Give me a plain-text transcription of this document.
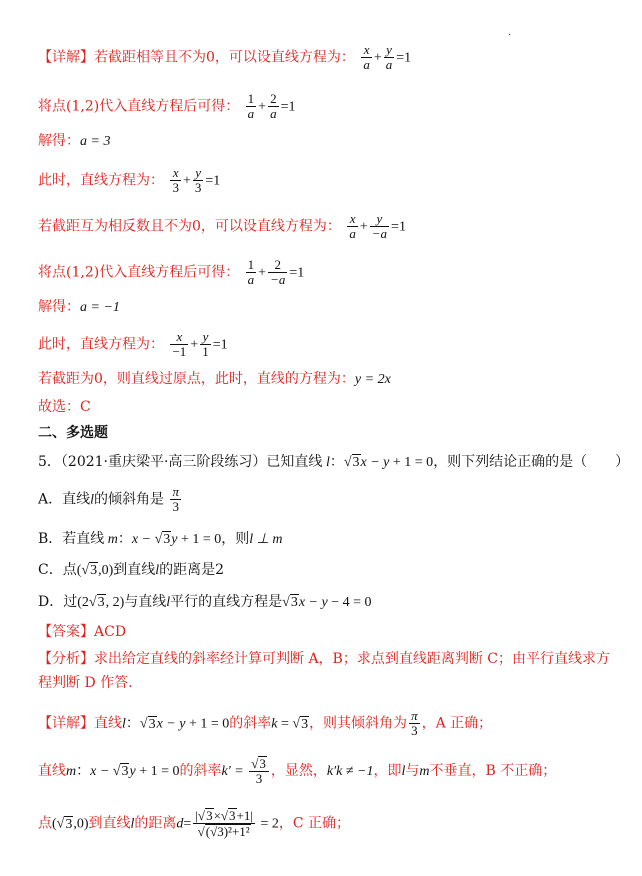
·
【详解】若截距相等且不为0，可以设直线方程为： $\frac{x}{a} + \frac{y}{a} =1$
将点(1,2)代入直线方程后可得： $\frac{1}{a} + \frac{2}{a} =1$
解得：a = 3
此时，直线方程为： $\frac{x}{3} + \frac{y}{3} =1$
若截距互为相反数且不为0，可以设直线方程为： $\frac{x}{a} + \frac{y}{-a} =1$
将点(1,2)代入直线方程后可得： $\frac{1}{a} + \frac{2}{-a} =1$
解得：a = −1
此时，直线方程为： $\frac{x}{-1} + \frac{y}{1} =1$
若截距为0，则直线过原点，此时，直线的方程为：y = 2x
故选：C
二、多选题
5．（2021·重庆梁平·高三阶段练习）已知直线 l：√3x − y + 1 = 0，则下列结论正确的是（　　）
A．直线l的倾斜角是 $\frac{\pi}{3}$
B．若直线 m：x − √3y + 1 = 0，则l ⊥ m
C．点(√3,0)到直线l的距离是2
D．过(2√3, 2)与直线l平行的直线方程是√3x − y − 4 = 0
【答案】ACD
【分析】求出给定直线的斜率经计算可判断 A，B；求点到直线距离判断 C；由平行直线求方
程判断 D 作答.
【详解】直线l：√3x − y + 1 = 0的斜率k = √3，则其倾斜角为 $\frac{\pi}{3}$ ，A 正确；
直线m：x − √3y + 1 = 0的斜率$k' = \frac{√3}{3}$ ，显然，k′k ≠ −1，即l与m不垂直，B 不正确；
点(√3,0)到直线l的距离$d= \frac{|√3\times√3+1|}{\text{√(√3)²+1²}} = 2$，C 正确；
